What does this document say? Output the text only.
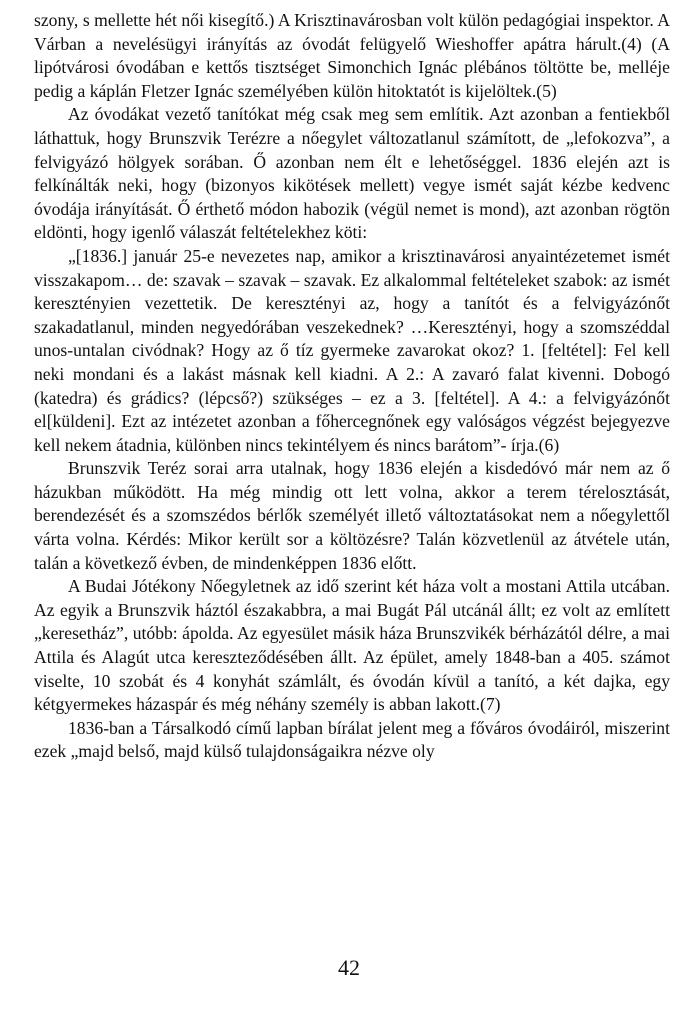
szony, s mellette hét női kisegítő.) A Krisztinavárosban volt külön pedagógiai inspektor. A Várban a nevelésügyi irányítás az óvodát felügyelő Wieshoffer apátra hárult.(4) (A lipótvárosi óvodában e kettős tisztséget Simonchich Ignác plébános töltötte be, melléje pedig a káplán Fletzer Ignác személyében külön hitoktatót is kijelöltek.(5)

Az óvodákat vezető tanítókat még csak meg sem említik. Azt azonban a fentiekből láthattuk, hogy Brunszvik Terézre a nőegylet változatlanul számított, de „lefokozva”, a felvigyázó hölgyek sorában. Ő azonban nem élt e lehetőséggel. 1836 elején azt is felkínálták neki, hogy (bizonyos kikötések mellett) vegye ismét saját kézbe kedvenc óvodája irányítását. Ő érthető módon habozik (végül nemet is mond), azt azonban rögtön eldönti, hogy igenlő válaszát feltételekhez köti:

„[1836.] január 25-e nevezetes nap, amikor a krisztinavárosi anyaintézetemet ismét visszakapom… de: szavak – szavak – szavak. Ez alkalommal feltételeket szabok: az ismét keresztényien vezettetik. De keresztényi az, hogy a tanítót és a felvigyázónőt szakadatlanul, minden negyedórában veszekednek? …Keresztényi, hogy a szomszéddal unos-untalan civódnak? Hogy az ő tíz gyermeke zavarokat okoz? 1. [feltétel]: Fel kell neki mondani és a lakást másnak kell kiadni. A 2.: A zavaró falat kivenni. Dobogó (katedra) és grádics? (lépcső?) szükséges – ez a 3. [feltétel]. A 4.: a felvigyázónőt el[küldeni]. Ezt az intézetet azonban a főhercegnőnek egy valóságos végzést bejegyezve kell nekem átadnia, különben nincs tekintélyem és nincs barátom”- írja.(6)

Brunszvik Teréz sorai arra utalnak, hogy 1836 elején a kisdedóvó már nem az ő házukban működött. Ha még mindig ott lett volna, akkor a terem térelosztását, berendezését és a szomszédos bérlők személyét illető változtatásokat nem a nőegylettől várta volna. Kérdés: Mikor került sor a költözésre? Talán közvetlenül az átvétele után, talán a következő évben, de mindenképpen 1836 előtt.

A Budai Jótékony Nőegyletnek az idő szerint két háza volt a mostani Attila utcában. Az egyik a Brunszvik háztól északabbra, a mai Bugát Pál utcánál állt; ez volt az említett „keresetház”, utóbb: ápolda. Az egyesület másik háza Brunszvikék bérházától délre, a mai Attila és Alagút utca kereszteződésében állt. Az épület, amely 1848-ban a 405. számot viselte, 10 szobát és 4 konyhát számlált, és óvodán kívül a tanító, a két dajka, egy kétgyermekes házaspár és még néhány személy is abban lakott.(7)

1836-ban a Társalkodó című lapban bírálat jelent meg a főváros óvodáiról, miszerint ezek „majd belső, majd külső tulajdonságaikra nézve oly

42
